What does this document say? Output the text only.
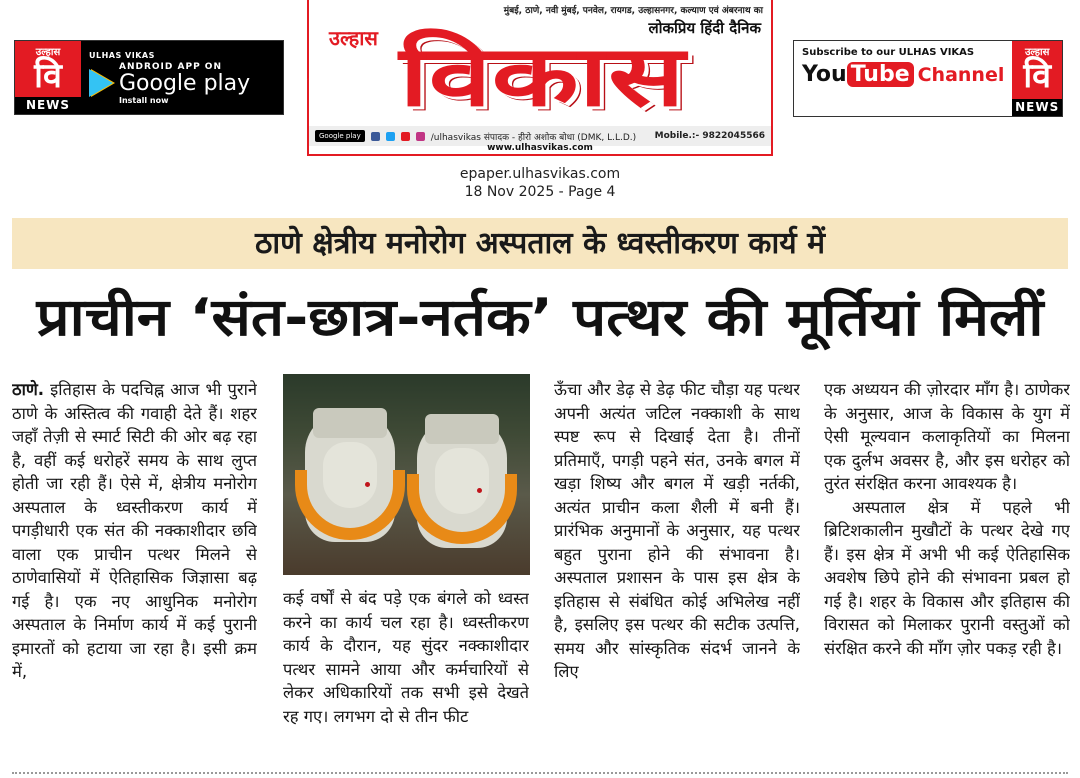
उल्हास
वि
NEWS
ULHAS VIKAS
ANDROID APP ON
Google play
Install now
मुंबई, ठाणे, नवी मुंबई, पनवेल, रायगड, उल्हासनगर, कल्याण एवं अंबरनाथ का
लोकप्रिय हिंदी दैनिक
विकास
उल्हास
Google play	/ulhasvikas संपादक - हीरो अशोक बोधा (DMK, L.L.D.)	Mobile.:- 9822045566
www.ulhasvikas.com
Subscribe to our ULHAS VIKAS
You Tube Channel
उल्हास
वि
NEWS
epaper.ulhasvikas.com
18 Nov 2025 - Page 4
ठाणे क्षेत्रीय मनोरोग अस्पताल के ध्वस्तीकरण कार्य में
प्राचीन ‘संत-छात्र-नर्तक’ पत्थर की मूर्तियां मिलीं
ठाणे. इतिहास के पदचिह्न आज भी पुराने ठाणे के अस्तित्व की गवाही देते हैं। शहर जहाँ तेज़ी से स्मार्ट सिटी की ओर बढ़ रहा है, वहीं कई धरोहरें समय के साथ लुप्त होती जा रही हैं। ऐसे में, क्षेत्रीय मनोरोग अस्पताल के ध्वस्तीकरण कार्य में पगड़ीधारी एक संत की नक्काशीदार छवि वाला एक प्राचीन पत्थर मिलने से ठाणेवासियों में ऐतिहासिक जिज्ञासा बढ़ गई है। एक नए आधुनिक मनोरोग अस्पताल के निर्माण कार्य में कई पुरानी इमारतों को हटाया जा रहा है। इसी क्रम में,
कई वर्षों से बंद पड़े एक बंगले को ध्वस्त करने का कार्य चल रहा है। ध्वस्तीकरण कार्य के दौरान, यह सुंदर नक्काशीदार पत्थर सामने आया और कर्मचारियों से लेकर अधिकारियों तक सभी इसे देखते रह गए। लगभग दो से तीन फीट
ऊँचा और डेढ़ से डेढ़ फीट चौड़ा यह पत्थर अपनी अत्यंत जटिल नक्काशी के साथ स्पष्ट रूप से दिखाई देता है। तीनों प्रतिमाएँ, पगड़ी पहने संत, उनके बगल में खड़ा शिष्य और बगल में खड़ी नर्तकी, अत्यंत प्राचीन कला शैली में बनी हैं। प्रारंभिक अनुमानों के अनुसार, यह पत्थर बहुत पुराना होने की संभावना है। अस्पताल प्रशासन के पास इस क्षेत्र के इतिहास से संबंधित कोई अभिलेख नहीं है, इसलिए इस पत्थर की सटीक उत्पत्ति, समय और सांस्कृतिक संदर्भ जानने के लिए
एक अध्ययन की ज़ोरदार माँग है। ठाणेकर के अनुसार, आज के विकास के युग में ऐसी मूल्यवान कलाकृतियों का मिलना एक दुर्लभ अवसर है, और इस धरोहर को तुरंत संरक्षित करना आवश्यक है।
अस्पताल क्षेत्र में पहले भी ब्रिटिशकालीन मुखौटों के पत्थर देखे गए हैं। इस क्षेत्र में अभी भी कई ऐतिहासिक अवशेष छिपे होने की संभावना प्रबल हो गई है। शहर के विकास और इतिहास की विरासत को मिलाकर पुरानी वस्तुओं को संरक्षित करने की माँग ज़ोर पकड़ रही है।
